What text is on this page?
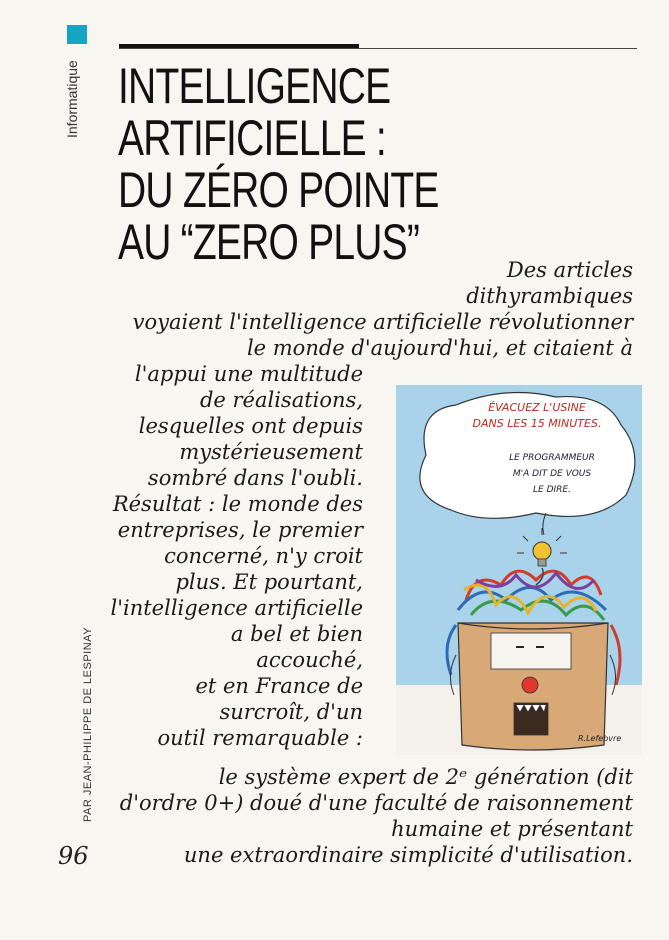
Informatique INTELLIGENCE
ARTIFICIELLE :
DU ZÉRO POINTE
AU “ZERO PLUS”	Des articles
dithyrambiques
voyaient l'intelligence artificielle révolutionner
le monde d'aujourd'hui, et citaient à
l'appui une multitude
de réalisations,
lesquelles ont depuis
mystérieusement
sombré dans l'oubli.
Résultat : le monde des
entreprises, le premier
concerné, n'y croit
plus. Et pourtant,
l'intelligence artificielle
a bel et bien
accouché,
et en France de
surcroît, d'un
outil remarquable :
le système expert de 2ᵉ génération (dit
d'ordre 0+) doué d'une faculté de raisonnement
humaine et présentant
une extraordinaire simplicité d'utilisation.
PAR JEAN-PHILIPPE DE LESPINAY
96
ÉVACUEZ L'USINE
DANS LES 15 MINUTES.
LE PROGRAMMEUR
M'A DIT DE VOUS
LE DIRE.
R.Lefebvre
